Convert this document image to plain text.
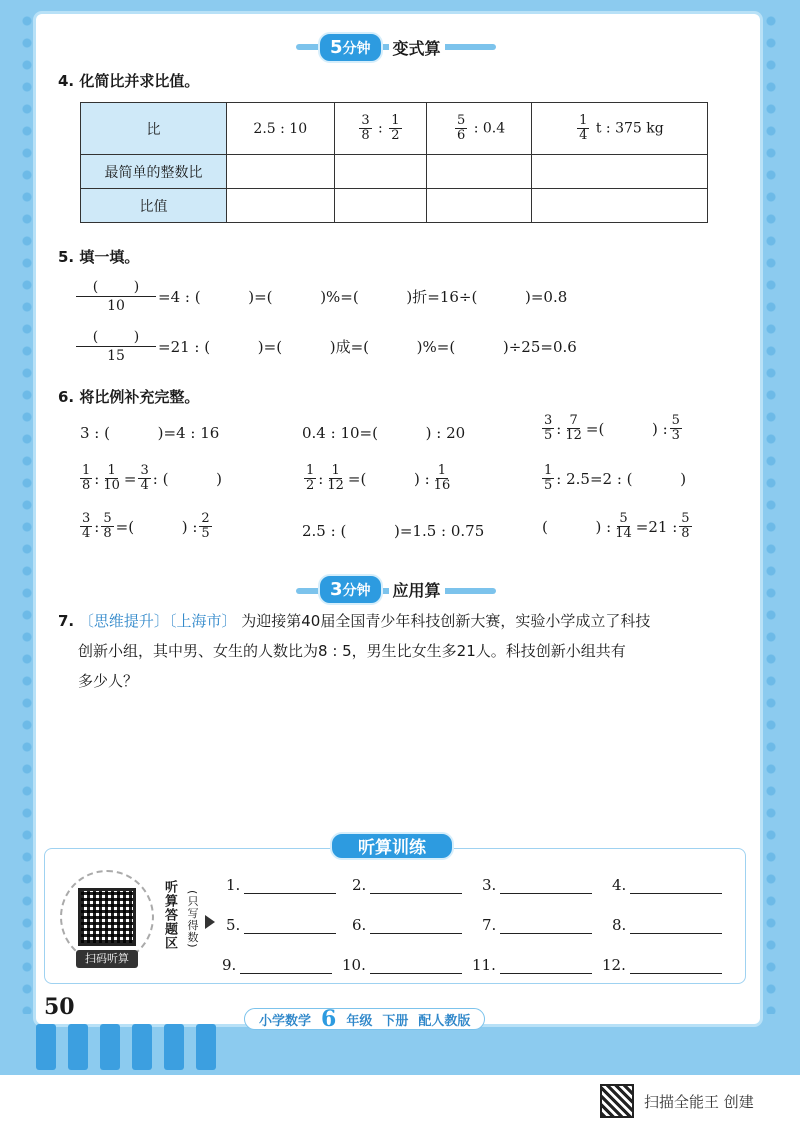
5分钟	变式算
4. 化简比并求比值。
比	2.5 : 10	$\frac{3}{8}$ : $\frac{1}{2}$	$\frac{5}{6}$ : 0.4	$\frac{1}{4}$ t : 375 kg
最简单的整数比				
比值				
5. 填一填。
(	)
10 =4 : (          )=(          )%=(          )折=16÷(          )=0.8
(	)
15 =21 : (          )=(          )成=(          )%=(          )÷25=0.6
6. 将比例补充完整。
3 : (          )=4 : 16	0.4 : 10=(          ) : 20	$\frac{3}{5}$ : $\frac{7}{12}$ =(          ) : $\frac{5}{3}$
$\frac{1}{8}$ : $\frac{1}{10} = \frac{3}{4}$ : (          )	$\frac{1}{2}$ : $\frac{1}{12}$ =(          ) : $\frac{1}{16}$	$\frac{1}{5}$ : 2.5=2 : (          )
$\frac{3}{4}$ : $\frac{5}{8}$ =(          ) : $\frac{2}{5}$	2.5 : (          )=1.5 : 0.75	(          ) : $\frac{5}{14} =21$ : $\frac{5}{8}$
3分钟	应用算
7. 〔思维提升〕〔上海市〕 为迎接第40届全国青少年科技创新大赛，实验小学成立了科技
创新小组，其中男、女生的人数比为8 : 5，男生比女生多21人。科技创新小组共有
多少人？
听算训练
扫码听算
听算答题区 (只写得数)
1.	2.	3.	4.
5.	6.	7.	8.
9.	10.	11.	12.
50
小学数学 6 年级 下册 配人教版
扫描全能王 创建
